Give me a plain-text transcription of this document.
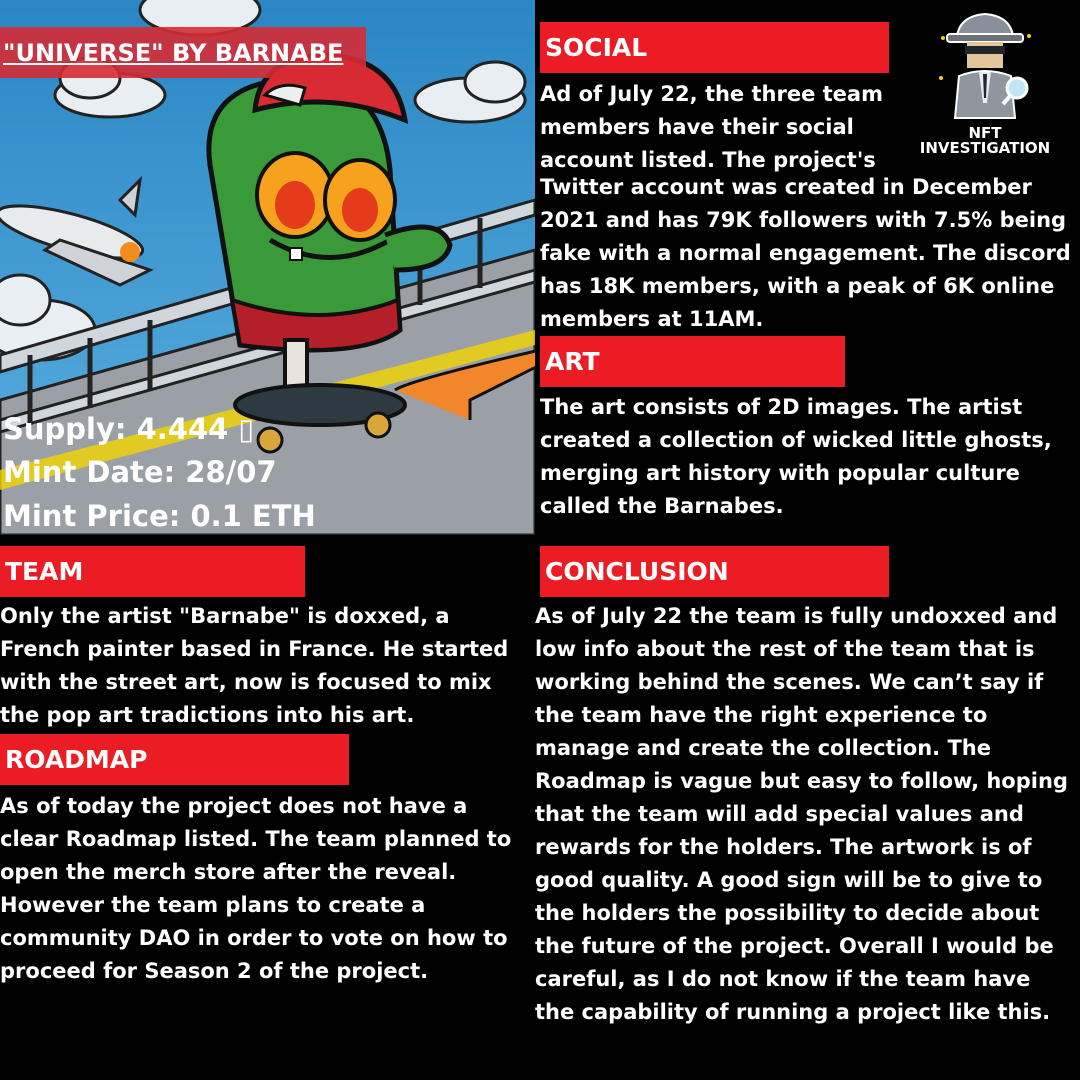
"UNIVERSE" BY BARNABE
Supply: 4.444 ▯
Mint Date: 28/07
Mint Price: 0.1 ETH
NFT
INVESTIGATION
SOCIAL

Ad of July 22, the three team

members have their social

account listed. The project's

Twitter account was created in December 2021 and has 79K followers with 7.5% being fake with a normal engagement. The discord has 18K members, with a peak of 6K online members at 11AM.

ART

The art consists of 2D images. The artist created a collection of wicked little ghosts, merging art history with popular culture called the Barnabes.

TEAM

Only the artist "Barnabe" is doxxed, a French painter based in France. He started with the street art, now is focused to mix the pop art tradictions into his art.

ROADMAP

As of today the project does not have a clear Roadmap listed. The team planned to open the merch store after the reveal. However the team plans to create a community DAO in order to vote on how to proceed for Season 2 of the project.

CONCLUSION

As of July 22 the team is fully undoxxed and low info about the rest of the team that is working behind the scenes. We can’t say if the team have the right experience to manage and create the collection. The Roadmap is vague but easy to follow, hoping that the team will add special values and rewards for the holders. The artwork is of good quality. A good sign will be to give to the holders the possibility to decide about the future of the project. Overall I would be careful, as I do not know if the team have the capability of running a project like this.
